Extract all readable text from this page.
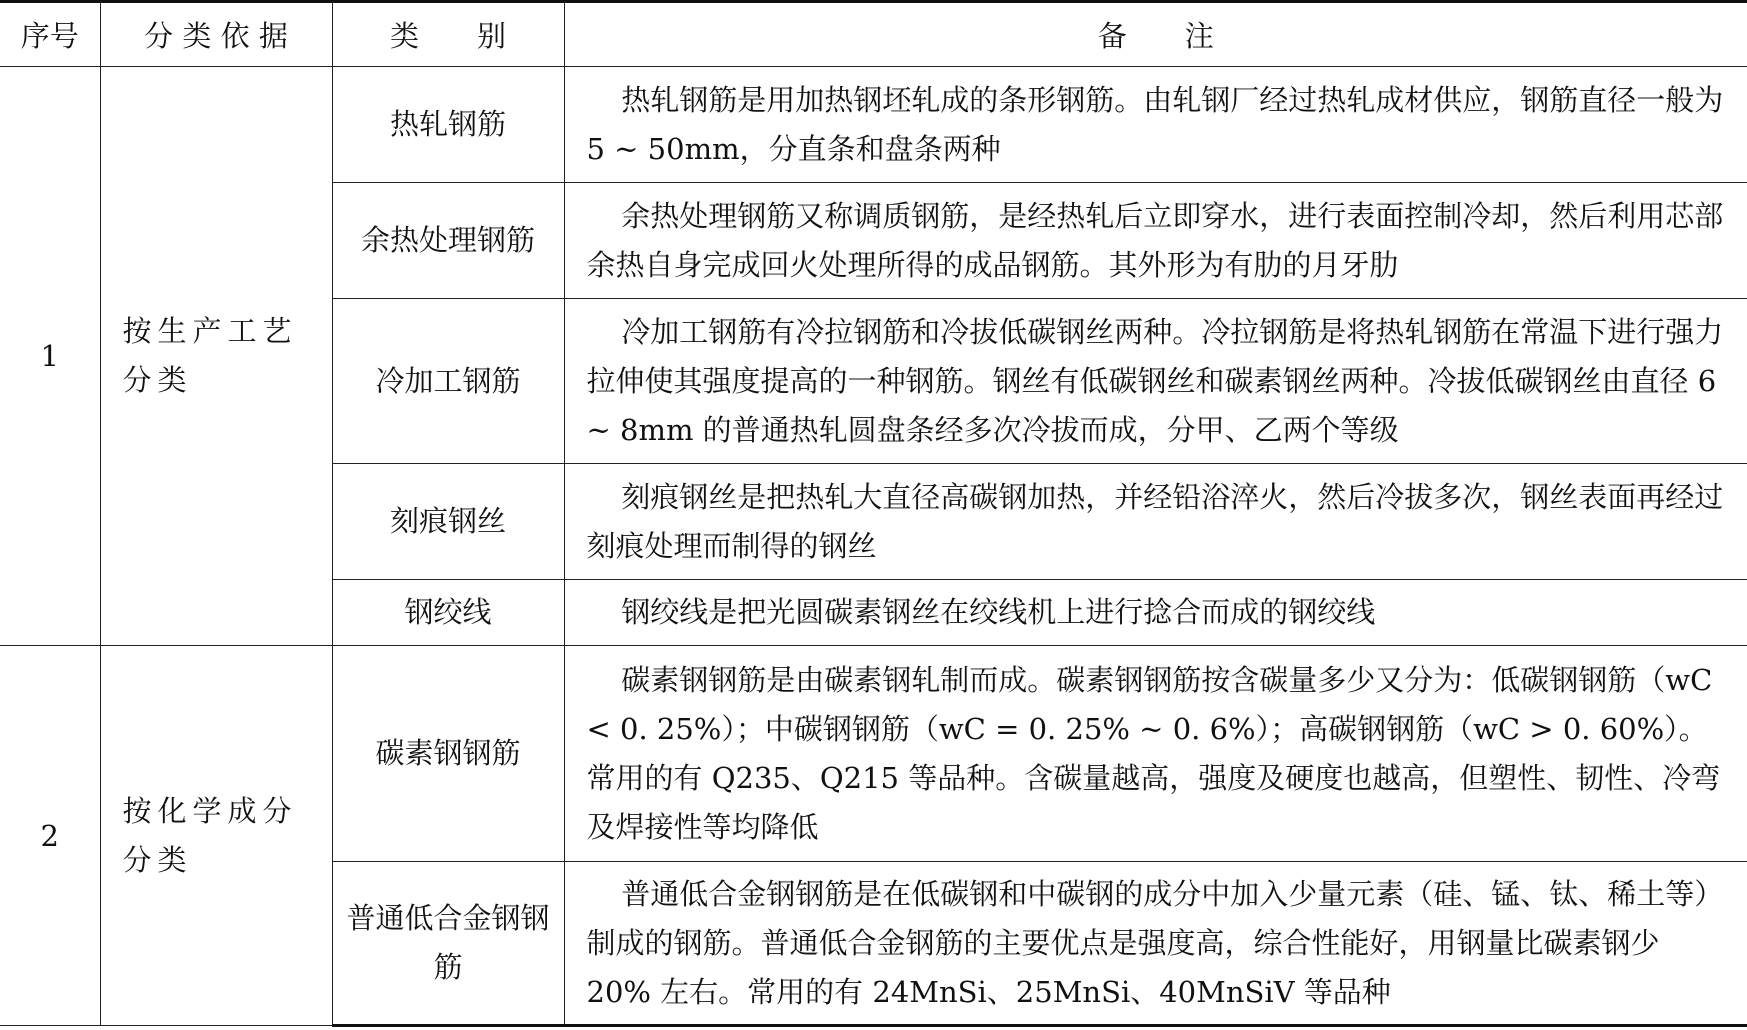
序号	分 类 依 据	类　　别	备　　注
1	按生产工艺分类	热轧钢筋	热轧钢筋是用加热钢坯轧成的条形钢筋。由轧钢厂经过热轧成材供应，钢筋直径一般为 5 ~ 50mm，分直条和盘条两种
		余热处理钢筋	余热处理钢筋又称调质钢筋，是经热轧后立即穿水，进行表面控制冷却，然后利用芯部余热自身完成回火处理所得的成品钢筋。其外形为有肋的月牙肋
		冷加工钢筋	冷加工钢筋有冷拉钢筋和冷拔低碳钢丝两种。冷拉钢筋是将热轧钢筋在常温下进行强力拉伸使其强度提高的一种钢筋。钢丝有低碳钢丝和碳素钢丝两种。冷拔低碳钢丝由直径 6 ~ 8mm 的普通热轧圆盘条经多次冷拔而成，分甲、乙两个等级
		刻痕钢丝	刻痕钢丝是把热轧大直径高碳钢加热，并经铅浴淬火，然后冷拔多次，钢丝表面再经过刻痕处理而制得的钢丝
		钢绞线	钢绞线是把光圆碳素钢丝在绞线机上进行捻合而成的钢绞线
2	按化学成分分类	碳素钢钢筋	碳素钢钢筋是由碳素钢轧制而成。碳素钢钢筋按含碳量多少又分为：低碳钢钢筋（wC < 0. 25%）；中碳钢钢筋（wC = 0. 25% ~ 0. 6%）；高碳钢钢筋（wC > 0. 60%）。常用的有 Q235、Q215 等品种。含碳量越高，强度及硬度也越高，但塑性、韧性、冷弯及焊接性等均降低
		普通低合金钢钢筋	普通低合金钢钢筋是在低碳钢和中碳钢的成分中加入少量元素（硅、锰、钛、稀土等）制成的钢筋。普通低合金钢筋的主要优点是强度高，综合性能好，用钢量比碳素钢少 20% 左右。常用的有 24MnSi、25MnSi、40MnSiV 等品种
